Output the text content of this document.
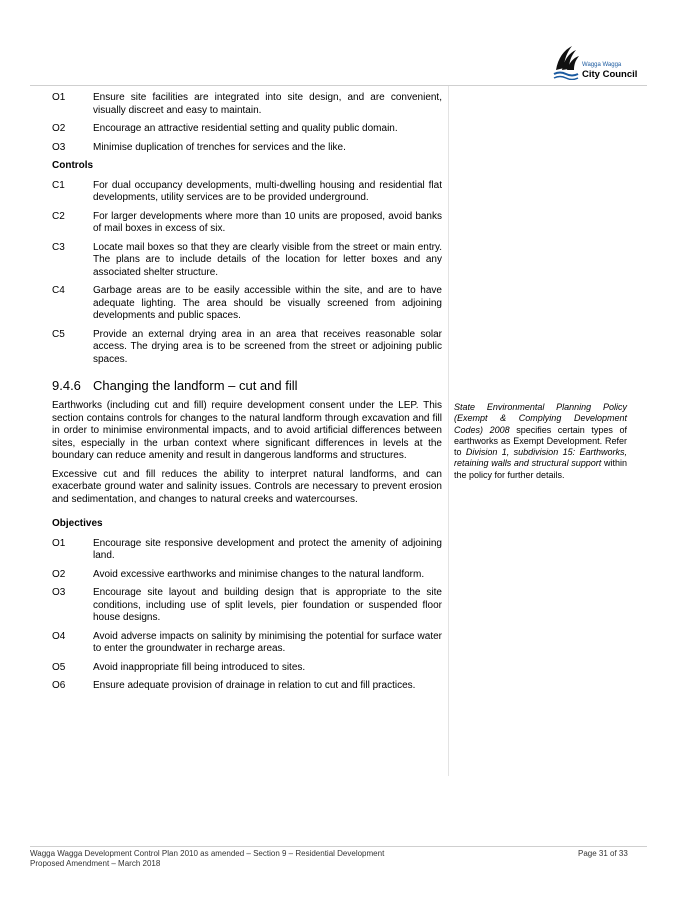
Wagga Wagga
City Council
O1	Ensure site facilities are integrated into site design, and are convenient, visually discreet and easy to maintain.
O2	Encourage an attractive residential setting and quality public domain.
O3	Minimise duplication of trenches for services and the like.
Controls
C1	For dual occupancy developments, multi-dwelling housing and residential flat developments, utility services are to be provided underground.
C2	For larger developments where more than 10 units are proposed, avoid banks of mail boxes in excess of six.
C3	Locate mail boxes so that they are clearly visible from the street or main entry. The plans are to include details of the location for letter boxes and any associated shelter structure.
C4	Garbage areas are to be easily accessible within the site, and are to have adequate lighting. The area should be visually screened from adjoining developments and public spaces.
C5	Provide an external drying area in an area that receives reasonable solar access. The drying area is to be screened from the street or adjoining public spaces.
9.4.6 Changing the landform – cut and fill
Earthworks (including cut and fill) require development consent under the LEP. This section contains controls for changes to the natural landform through excavation and fill in order to minimise environmental impacts, and to avoid artificial differences between sites, especially in the urban context where significant differences in levels at the boundary can reduce amenity and result in dangerous landforms and structures.
Excessive cut and fill reduces the ability to interpret natural landforms, and can exacerbate ground water and salinity issues. Controls are necessary to prevent erosion and sedimentation, and changes to natural creeks and watercourses.
Objectives
O1	Encourage site responsive development and protect the amenity of adjoining land.
O2	Avoid excessive earthworks and minimise changes to the natural landform.
O3	Encourage site layout and building design that is appropriate to the site conditions, including use of split levels, pier foundation or suspended floor house designs.
O4	Avoid adverse impacts on salinity by minimising the potential for surface water to enter the groundwater in recharge areas.
O5	Avoid inappropriate fill being introduced to sites.
O6	Ensure adequate provision of drainage in relation to cut and fill practices.
State Environmental Planning Policy (Exempt & Complying Development Codes) 2008 specifies certain types of earthworks as Exempt Development. Refer to Division 1, subdivision 15: Earthworks, retaining walls and structural support within the policy for further details.
Wagga Wagga Development Control Plan 2010 as amended – Section 9 – Residential Development
Proposed Amendment – March 2018
Page 31 of 33
